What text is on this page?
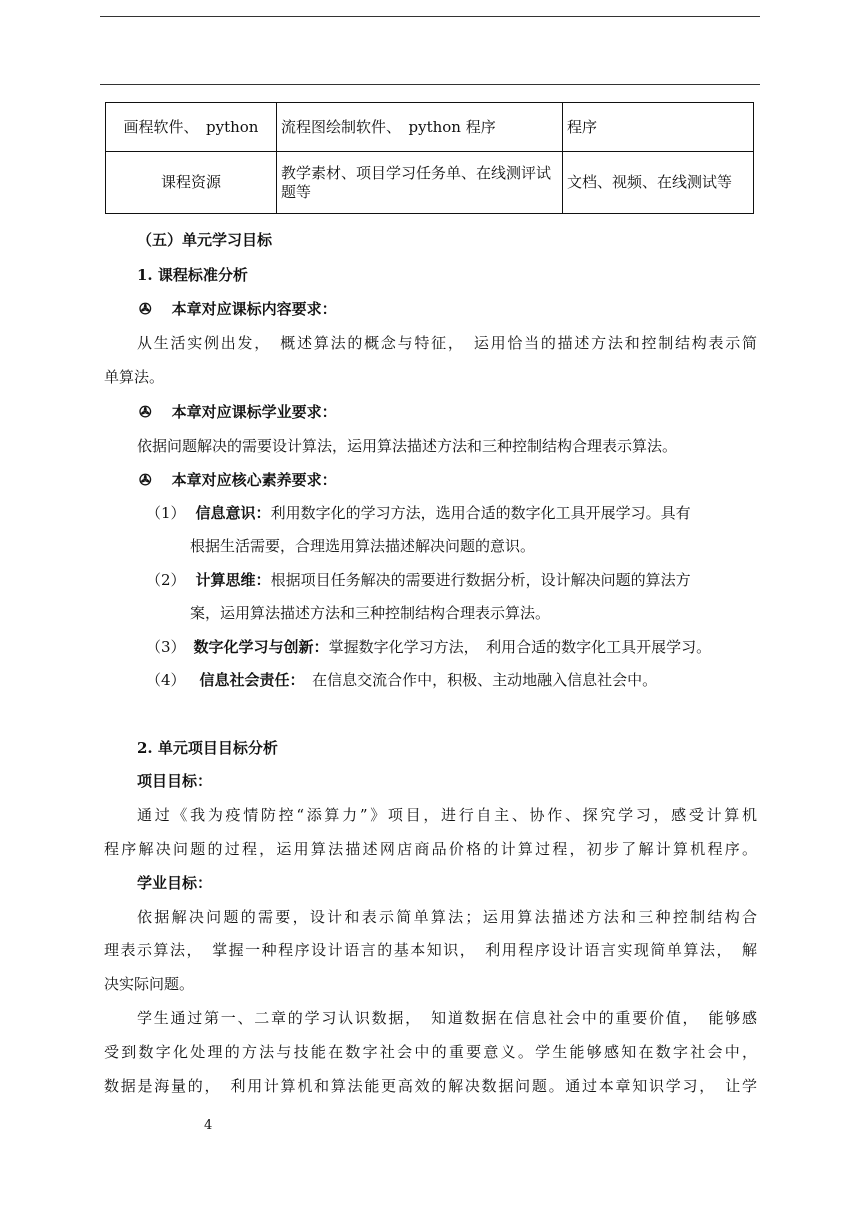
画程软件、　python	流程图绘制软件、　python 程序	程序
课程资源	教学素材、项目学习任务单、在线测评试题等	文档、视频、在线测试等
（五）单元学习目标
1. 课程标准分析
✇ 本章对应课标内容要求：
从生活实例出发，　概述算法的概念与特征，　运用恰当的描述方法和控制结构表示简
单算法。
✇ 本章对应课标学业要求：
依据问题解决的需要设计算法，运用算法描述方法和三种控制结构合理表示算法。
✇ 本章对应核心素养要求：
（1） 信息意识：利用数字化的学习方法，选用合适的数字化工具开展学习。具有
根据生活需要，合理选用算法描述解决问题的意识。
（2） 计算思维：根据项目任务解决的需要进行数据分析，设计解决问题的算法方
案，运用算法描述方法和三种控制结构合理表示算法。
（3） 数字化学习与创新：掌握数字化学习方法，　利用合适的数字化工具开展学习。
（4） 信息社会责任：　在信息交流合作中，积极、主动地融入信息社会中。
2. 单元项目目标分析
项目目标：
通过《我为疫情防控“添算力”》项目，进行自主、协作、探究学习，感受计算机
程序解决问题的过程，运用算法描述网店商品价格的计算过程，初步了解计算机程序。
学业目标：
依据解决问题的需要，设计和表示简单算法；运用算法描述方法和三种控制结构合
理表示算法，　掌握一种程序设计语言的基本知识，　利用程序设计语言实现简单算法，　解
决实际问题。
学生通过第一、二章的学习认识数据，　知道数据在信息社会中的重要价值，　能够感
受到数字化处理的方法与技能在数字社会中的重要意义。学生能够感知在数字社会中，
数据是海量的，　利用计算机和算法能更高效的解决数据问题。通过本章知识学习，　让学
4
